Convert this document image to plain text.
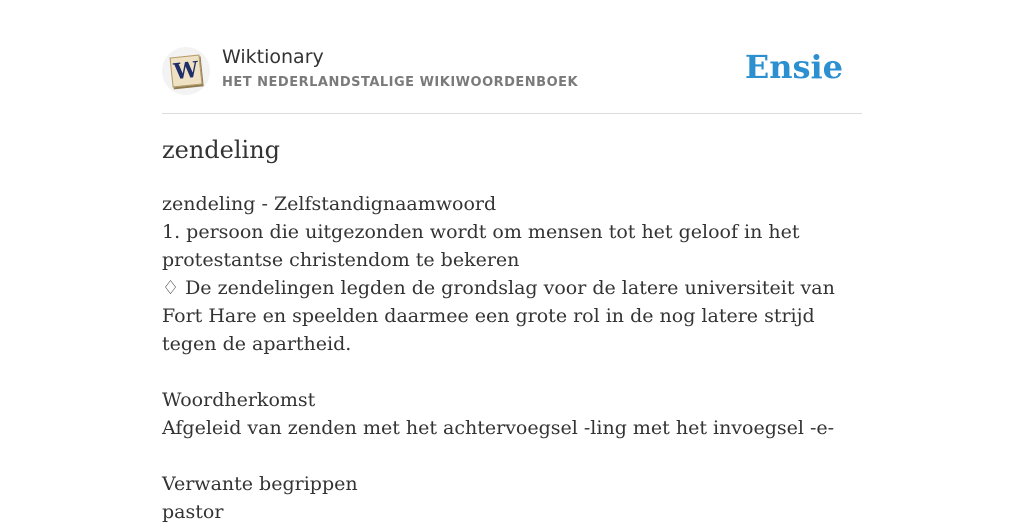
W Wiktionary
HET NEDERLANDSTALIGE WIKIWOORDENBOEK	Ensie
zendeling

zendeling - Zelfstandignaamwoord

1. persoon die uitgezonden wordt om mensen tot het geloof in het protestantse christendom te bekeren

♢ De zendelingen legden de grondslag voor de latere universiteit van Fort Hare en speelden daarmee een grote rol in de nog latere strijd tegen de apartheid.

Woordherkomst

Afgeleid van zenden met het achtervoegsel -ling met het invoegsel -e-

Verwante begrippen

pastor
